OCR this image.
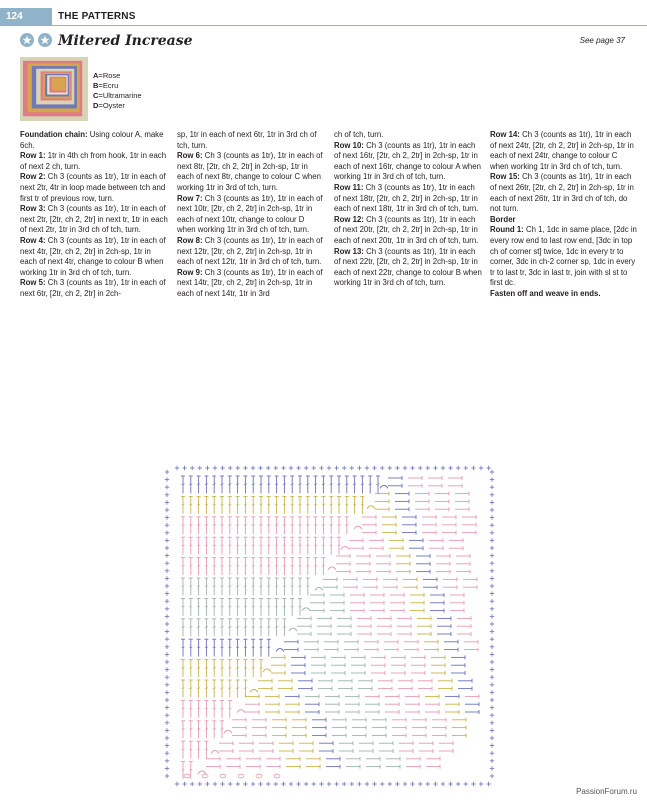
124	THE PATTERNS
Mitered Increase	See page 37
A=Rose
B=Ecru
C=Ultramarine
D=Oyster

Foundation chain: Using colour A, make 6ch.

Row 1: 1tr in 4th ch from hook, 1tr in each of next 2 ch, turn.

Row 2: Ch 3 (counts as 1tr), 1tr in each of next 2tr, 4tr in loop made between tch and first tr of previous row, turn.

Row 3: Ch 3 (counts as 1tr), 1tr in each of next 2tr, [2tr, ch 2, 2tr] in next tr, 1tr in each of next 2tr, 1tr in 3rd ch of tch, turn.

Row 4: Ch 3 (counts as 1tr), 1tr in each of next 4tr, [2tr, ch 2, 2tr] in 2ch-sp, 1tr in each of next 4tr, change to colour B when working 1tr in 3rd ch of tch, turn.

Row 5: Ch 3 (counts as 1tr), 1tr in each of next 6tr, [2tr, ch 2, 2tr] in 2ch-

sp, 1tr in each of next 6tr, 1tr in 3rd ch of tch, turn.

Row 6: Ch 3 (counts as 1tr), 1tr in each of next 8tr, [2tr, ch 2, 2tr] in 2ch-sp, 1tr in each of next 8tr, change to colour C when working 1tr in 3rd of tch, turn.

Row 7: Ch 3 (counts as 1tr), 1tr in each of next 10tr, [2tr, ch 2, 2tr] in 2ch-sp, 1tr in each of next 10tr, change to colour D when working 1tr in 3rd ch of tch, turn.

Row 8: Ch 3 (counts as 1tr), 1tr in each of next 12tr, [2tr, ch 2, 2tr] in 2ch-sp, 1tr in each of next 12tr, 1tr in 3rd ch of tch, turn.

Row 9: Ch 3 (counts as 1tr), 1tr in each of next 14tr, [2tr, ch 2, 2tr] in 2ch-sp, 1tr in each of next 14tr, 1tr in 3rd

ch of tch, turn.

Row 10: Ch 3 (counts as 1tr), 1tr in each of next 16tr, [2tr, ch 2, 2tr] in 2ch-sp, 1tr in each of next 16tr, change to colour A when working 1tr in 3rd ch of tch, turn.

Row 11: Ch 3 (counts as 1tr), 1tr in each of next 18tr, [2tr, ch 2, 2tr] in 2ch-sp, 1tr in each of next 18tr, 1tr in 3rd ch of tch, turn.

Row 12: Ch 3 (counts as 1tr), 1tr in each of next 20tr, [2tr, ch 2, 2tr] in 2ch-sp, 1tr in each of next 20tr, 1tr in 3rd ch of tch, turn.

Row 13: Ch 3 (counts as 1tr), 1tr in each of next 22tr, [2tr, ch 2, 2tr] in 2ch-sp, 1tr in each of next 22tr, change to colour B when working 1tr in 3rd ch of tch, turn.

Row 14: Ch 3 (counts as 1tr), 1tr in each of next 24tr, [2tr, ch 2, 2tr] in 2ch-sp, 1tr in each of next 24tr, change to colour C when working 1tr in 3rd ch of tch, turn.

Row 15: Ch 3 (counts as 1tr), 1tr in each of next 26tr, [2tr, ch 2, 2tr] in 2ch-sp, 1tr in each of next 26tr, 1tr in 3rd ch of tch, do not turn.

Border

Round 1: Ch 1, 1dc in same place, [2dc in every row end to last row end, [3dc in top ch of corner st] twice, 1dc in every tr to corner, 3dc in ch-2 corner sp, 1dc in every tr to last tr, 3dc in last tr, join with sl st to first dc.

Fasten off and weave in ends.

PassionForum.ru
